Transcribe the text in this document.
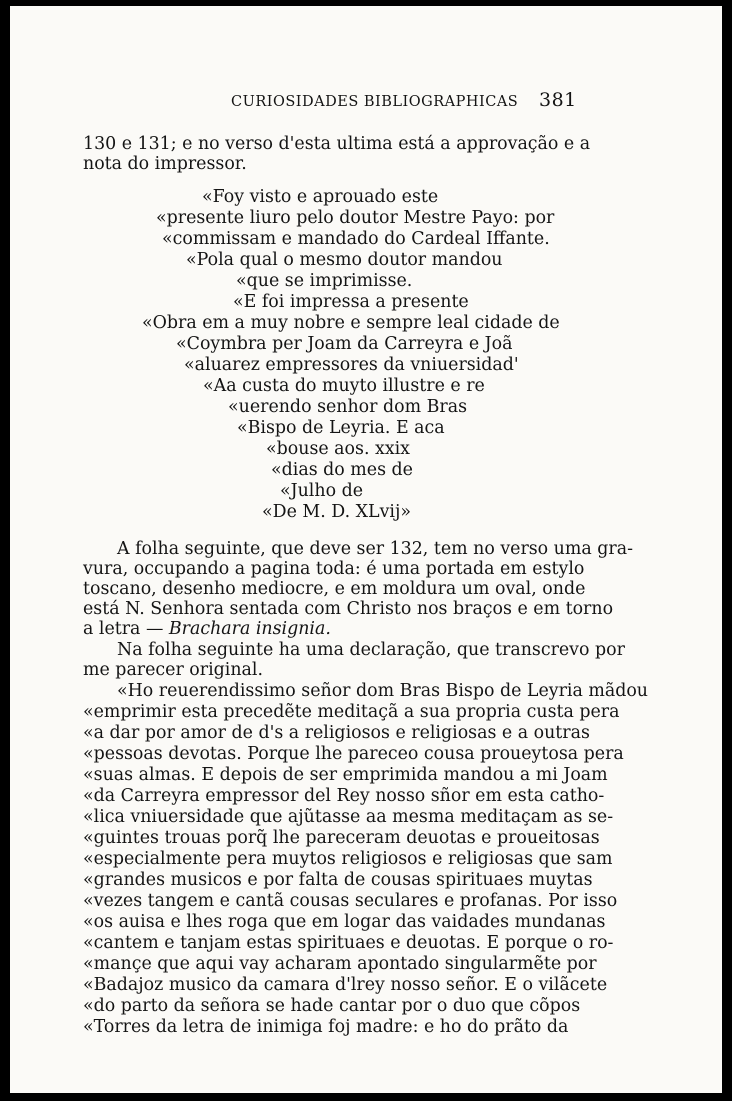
CURIOSIDADES BIBLIOGRAPHICAS 381
130 e 131; e no verso d'esta ultima está a approvação e a
nota do impressor.
«Foy visto e aprouado este
«presente liuro pelo doutor Mestre Payo: por
«commissam e mandado do Cardeal Iffante.
«Pola qual o mesmo doutor mandou
«que se imprimisse.
«E foi impressa a presente
«Obra em a muy nobre e sempre leal cidade de
«Coymbra per Joam da Carreyra e Joã
«aluarez empressores da vniuersidad'
«Aa custa do muyto illustre e re
«uerendo senhor dom Bras
«Bispo de Leyria. E aca
«bouse aos. xxix
«dias do mes de
«Julho de
«De M. D. XLvij»
A folha seguinte, que deve ser 132, tem no verso uma gra-
vura, occupando a pagina toda: é uma portada em estylo
toscano, desenho mediocre, e em moldura um oval, onde
está N. Senhora sentada com Christo nos braços e em torno
a letra — Brachara insignia.
Na folha seguinte ha uma declaração, que transcrevo por
me parecer original.
«Ho reuerendissimo señor dom Bras Bispo de Leyria mãdou
«emprimir esta precedẽte meditaçã a sua propria custa pera
«a dar por amor de d's a religiosos e religiosas e a outras
«pessoas devotas. Porque lhe pareceo cousa proueytosa pera
«suas almas. E depois de ser emprimida mandou a mi Joam
«da Carreyra empressor del Rey nosso sñor em esta catho-
«lica vniuersidade que ajũtasse aa mesma meditaçam as se-
«guintes trouas porq̃ lhe pareceram deuotas e proueitosas
«especialmente pera muytos religiosos e religiosas que sam
«grandes musicos e por falta de cousas spirituaes muytas
«vezes tangem e cantã cousas seculares e profanas. Por isso
«os auisa e lhes roga que em logar das vaidades mundanas
«cantem e tanjam estas spirituaes e deuotas. E porque o ro-
«mançe que aqui vay acharam apontado singularmẽte por
«Badajoz musico da camara d'lrey nosso señor. E o vilãcete
«do parto da señora se hade cantar por o duo que cõpos
«Torres da letra de inimiga foj madre: e ho do prãto da
